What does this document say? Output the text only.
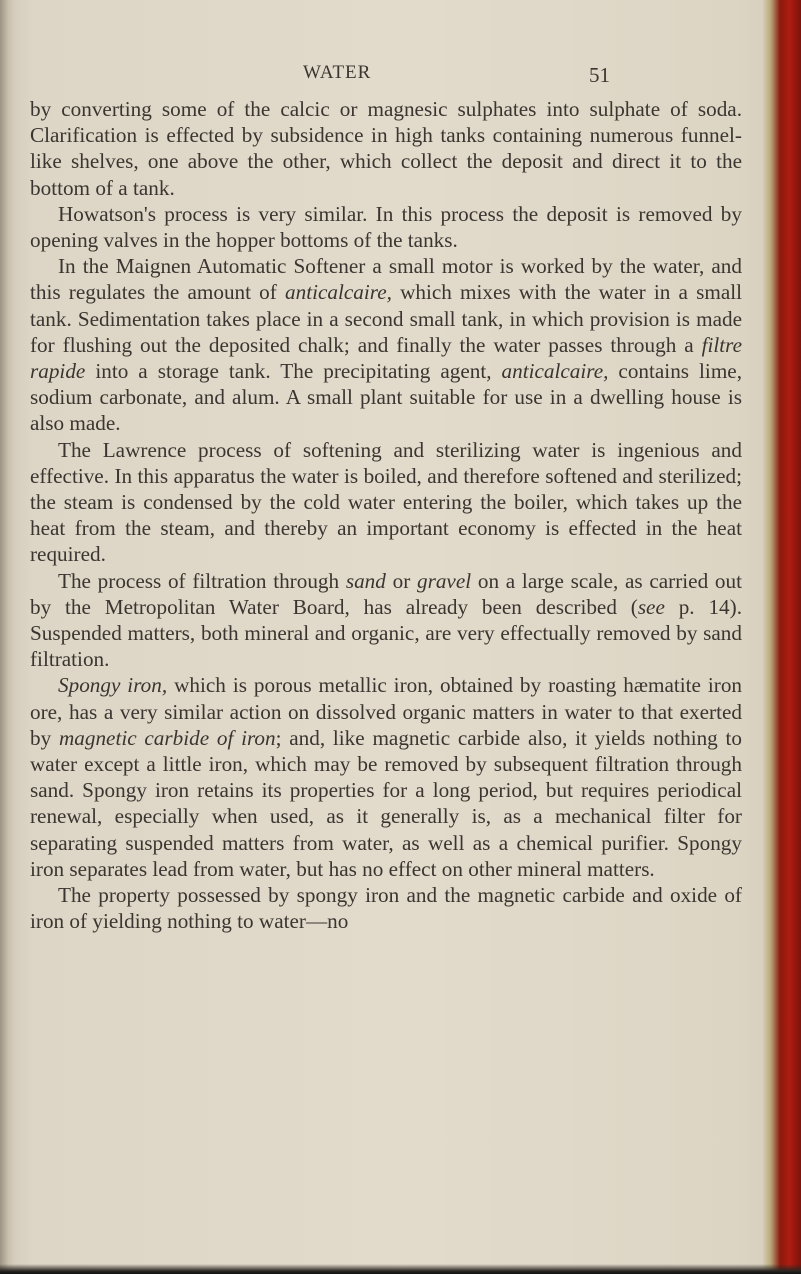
WATER	51

by converting some of the calcic or magnesic sulphates into sulphate of soda. Clarification is effected by subsidence in high tanks containing numerous funnel-like shelves, one above the other, which collect the deposit and direct it to the bottom of a tank.

Howatson's process is very similar. In this process the deposit is removed by opening valves in the hopper bottoms of the tanks.

In the Maignen Automatic Softener a small motor is worked by the water, and this regulates the amount of anticalcaire, which mixes with the water in a small tank. Sedimentation takes place in a second small tank, in which provision is made for flushing out the deposited chalk; and finally the water passes through a filtre rapide into a storage tank. The precipitating agent, anticalcaire, contains lime, sodium carbonate, and alum. A small plant suitable for use in a dwelling house is also made.

The Lawrence process of softening and sterilizing water is ingenious and effective. In this apparatus the water is boiled, and therefore softened and sterilized; the steam is condensed by the cold water entering the boiler, which takes up the heat from the steam, and thereby an important economy is effected in the heat required.

The process of filtration through sand or gravel on a large scale, as carried out by the Metropolitan Water Board, has already been described (see p. 14). Suspended matters, both mineral and organic, are very effectually removed by sand filtration.

Spongy iron, which is porous metallic iron, obtained by roasting hæmatite iron ore, has a very similar action on dissolved organic matters in water to that exerted by magnetic carbide of iron; and, like magnetic carbide also, it yields nothing to water except a little iron, which may be removed by subsequent filtration through sand. Spongy iron retains its properties for a long period, but requires periodical renewal, especially when used, as it generally is, as a mechanical filter for separating suspended matters from water, as well as a chemical purifier. Spongy iron separates lead from water, but has no effect on other mineral matters.

The property possessed by spongy iron and the magnetic carbide and oxide of iron of yielding nothing to water—no
